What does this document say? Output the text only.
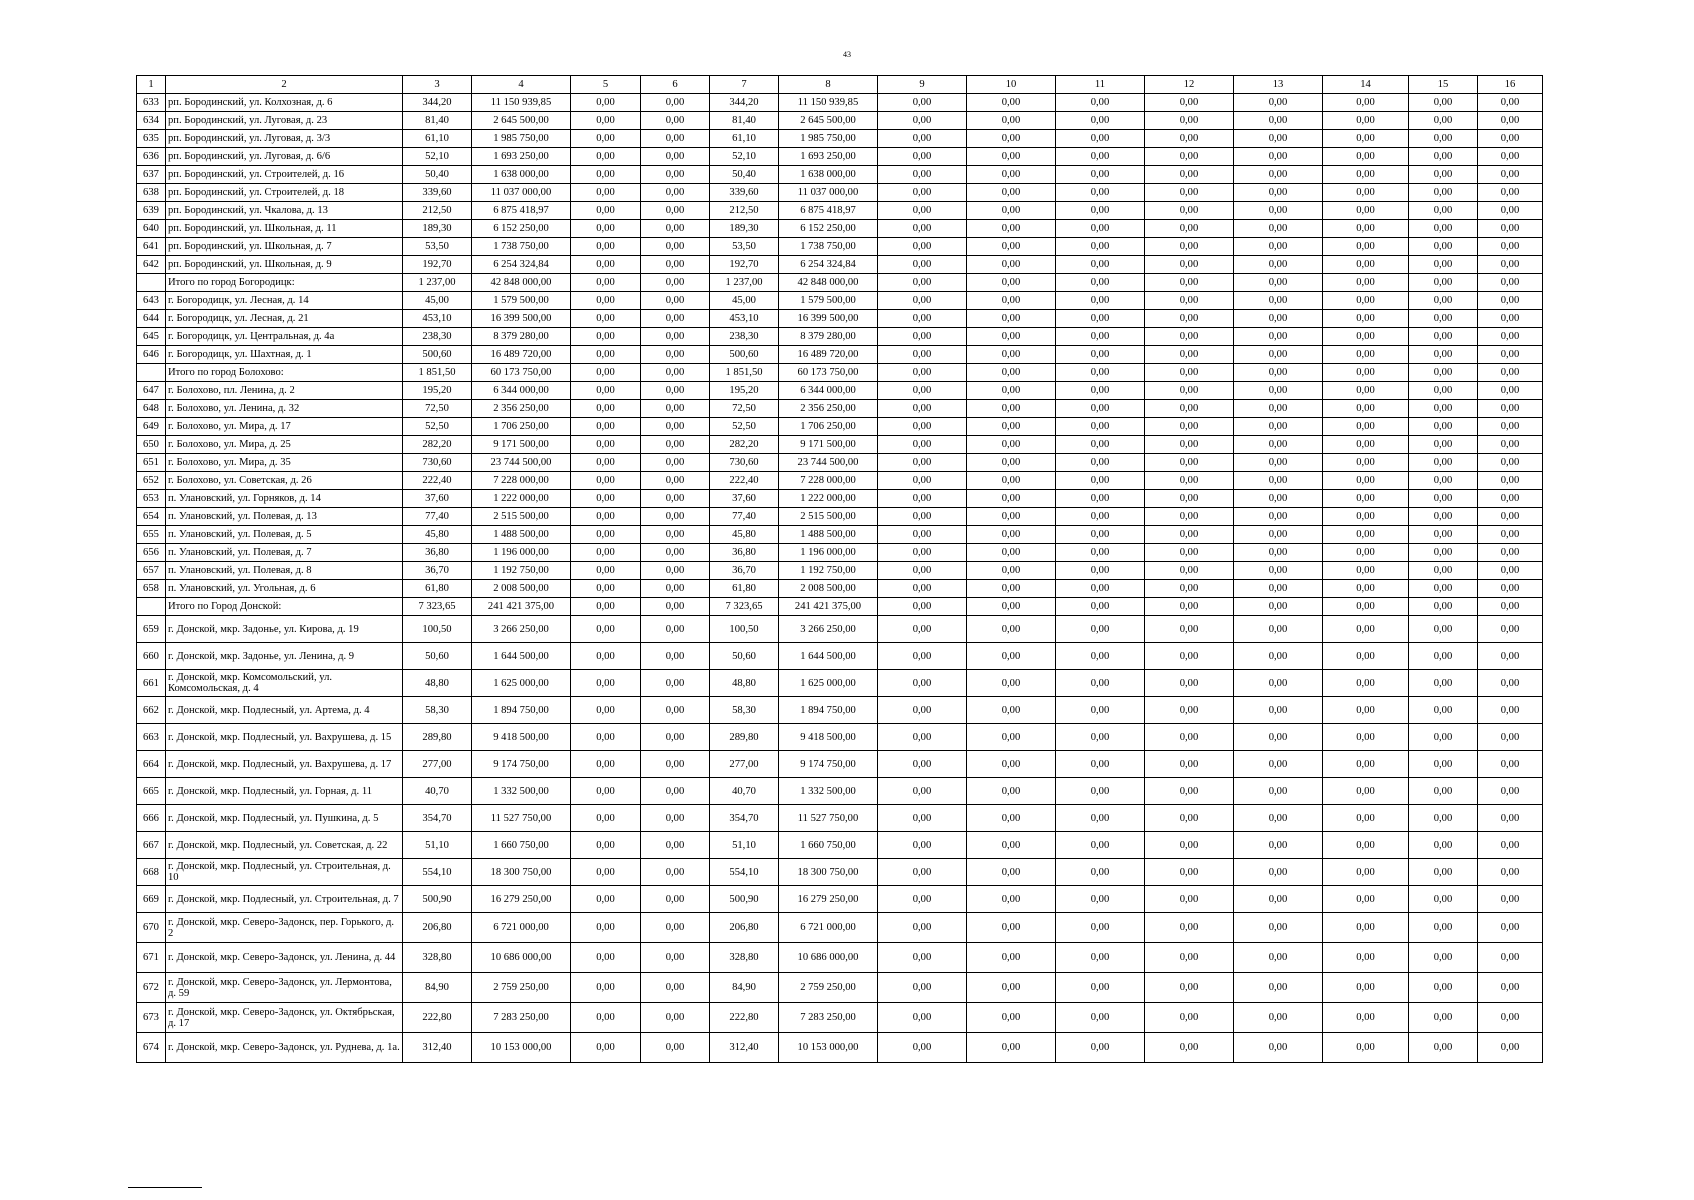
43
1	2	3	4	5	6	7	8	9	10	11	12	13	14	15	16
633	рп. Бородинский, ул. Колхозная, д. 6	344,20	11 150 939,85	0,00	0,00	344,20	11 150 939,85	0,00	0,00	0,00	0,00	0,00	0,00	0,00	0,00
634	рп. Бородинский, ул. Луговая, д. 23	81,40	2 645 500,00	0,00	0,00	81,40	2 645 500,00	0,00	0,00	0,00	0,00	0,00	0,00	0,00	0,00
635	рп. Бородинский, ул. Луговая, д. 3/3	61,10	1 985 750,00	0,00	0,00	61,10	1 985 750,00	0,00	0,00	0,00	0,00	0,00	0,00	0,00	0,00
636	рп. Бородинский, ул. Луговая, д. 6/6	52,10	1 693 250,00	0,00	0,00	52,10	1 693 250,00	0,00	0,00	0,00	0,00	0,00	0,00	0,00	0,00
637	рп. Бородинский, ул. Строителей, д. 16	50,40	1 638 000,00	0,00	0,00	50,40	1 638 000,00	0,00	0,00	0,00	0,00	0,00	0,00	0,00	0,00
638	рп. Бородинский, ул. Строителей, д. 18	339,60	11 037 000,00	0,00	0,00	339,60	11 037 000,00	0,00	0,00	0,00	0,00	0,00	0,00	0,00	0,00
639	рп. Бородинский, ул. Чкалова, д. 13	212,50	6 875 418,97	0,00	0,00	212,50	6 875 418,97	0,00	0,00	0,00	0,00	0,00	0,00	0,00	0,00
640	рп. Бородинский, ул. Школьная, д. 11	189,30	6 152 250,00	0,00	0,00	189,30	6 152 250,00	0,00	0,00	0,00	0,00	0,00	0,00	0,00	0,00
641	рп. Бородинский, ул. Школьная, д. 7	53,50	1 738 750,00	0,00	0,00	53,50	1 738 750,00	0,00	0,00	0,00	0,00	0,00	0,00	0,00	0,00
642	рп. Бородинский, ул. Школьная, д. 9	192,70	6 254 324,84	0,00	0,00	192,70	6 254 324,84	0,00	0,00	0,00	0,00	0,00	0,00	0,00	0,00
	Итого по город Богородицк:	1 237,00	42 848 000,00	0,00	0,00	1 237,00	42 848 000,00	0,00	0,00	0,00	0,00	0,00	0,00	0,00	0,00
643	г. Богородицк, ул. Лесная, д. 14	45,00	1 579 500,00	0,00	0,00	45,00	1 579 500,00	0,00	0,00	0,00	0,00	0,00	0,00	0,00	0,00
644	г. Богородицк, ул. Лесная, д. 21	453,10	16 399 500,00	0,00	0,00	453,10	16 399 500,00	0,00	0,00	0,00	0,00	0,00	0,00	0,00	0,00
645	г. Богородицк, ул. Центральная, д. 4а	238,30	8 379 280,00	0,00	0,00	238,30	8 379 280,00	0,00	0,00	0,00	0,00	0,00	0,00	0,00	0,00
646	г. Богородицк, ул. Шахтная, д. 1	500,60	16 489 720,00	0,00	0,00	500,60	16 489 720,00	0,00	0,00	0,00	0,00	0,00	0,00	0,00	0,00
	Итого по город Болохово:	1 851,50	60 173 750,00	0,00	0,00	1 851,50	60 173 750,00	0,00	0,00	0,00	0,00	0,00	0,00	0,00	0,00
647	г. Болохово, пл. Ленина, д. 2	195,20	6 344 000,00	0,00	0,00	195,20	6 344 000,00	0,00	0,00	0,00	0,00	0,00	0,00	0,00	0,00
648	г. Болохово, ул. Ленина, д. 32	72,50	2 356 250,00	0,00	0,00	72,50	2 356 250,00	0,00	0,00	0,00	0,00	0,00	0,00	0,00	0,00
649	г. Болохово, ул. Мира, д. 17	52,50	1 706 250,00	0,00	0,00	52,50	1 706 250,00	0,00	0,00	0,00	0,00	0,00	0,00	0,00	0,00
650	г. Болохово, ул. Мира, д. 25	282,20	9 171 500,00	0,00	0,00	282,20	9 171 500,00	0,00	0,00	0,00	0,00	0,00	0,00	0,00	0,00
651	г. Болохово, ул. Мира, д. 35	730,60	23 744 500,00	0,00	0,00	730,60	23 744 500,00	0,00	0,00	0,00	0,00	0,00	0,00	0,00	0,00
652	г. Болохово, ул. Советская, д. 26	222,40	7 228 000,00	0,00	0,00	222,40	7 228 000,00	0,00	0,00	0,00	0,00	0,00	0,00	0,00	0,00
653	п. Улановский, ул. Горняков, д. 14	37,60	1 222 000,00	0,00	0,00	37,60	1 222 000,00	0,00	0,00	0,00	0,00	0,00	0,00	0,00	0,00
654	п. Улановский, ул. Полевая, д. 13	77,40	2 515 500,00	0,00	0,00	77,40	2 515 500,00	0,00	0,00	0,00	0,00	0,00	0,00	0,00	0,00
655	п. Улановский, ул. Полевая, д. 5	45,80	1 488 500,00	0,00	0,00	45,80	1 488 500,00	0,00	0,00	0,00	0,00	0,00	0,00	0,00	0,00
656	п. Улановский, ул. Полевая, д. 7	36,80	1 196 000,00	0,00	0,00	36,80	1 196 000,00	0,00	0,00	0,00	0,00	0,00	0,00	0,00	0,00
657	п. Улановский, ул. Полевая, д. 8	36,70	1 192 750,00	0,00	0,00	36,70	1 192 750,00	0,00	0,00	0,00	0,00	0,00	0,00	0,00	0,00
658	п. Улановский, ул. Угольная, д. 6	61,80	2 008 500,00	0,00	0,00	61,80	2 008 500,00	0,00	0,00	0,00	0,00	0,00	0,00	0,00	0,00
	Итого по Город Донской:	7 323,65	241 421 375,00	0,00	0,00	7 323,65	241 421 375,00	0,00	0,00	0,00	0,00	0,00	0,00	0,00	0,00
659	г. Донской, мкр. Задонье, ул. Кирова, д. 19	100,50	3 266 250,00	0,00	0,00	100,50	3 266 250,00	0,00	0,00	0,00	0,00	0,00	0,00	0,00	0,00
660	г. Донской, мкр. Задонье, ул. Ленина, д. 9	50,60	1 644 500,00	0,00	0,00	50,60	1 644 500,00	0,00	0,00	0,00	0,00	0,00	0,00	0,00	0,00
661	г. Донской, мкр. Комсомольский, ул. Комсомольская, д. 4	48,80	1 625 000,00	0,00	0,00	48,80	1 625 000,00	0,00	0,00	0,00	0,00	0,00	0,00	0,00	0,00
662	г. Донской, мкр. Подлесный, ул. Артема, д. 4	58,30	1 894 750,00	0,00	0,00	58,30	1 894 750,00	0,00	0,00	0,00	0,00	0,00	0,00	0,00	0,00
663	г. Донской, мкр. Подлесный, ул. Вахрушева, д. 15	289,80	9 418 500,00	0,00	0,00	289,80	9 418 500,00	0,00	0,00	0,00	0,00	0,00	0,00	0,00	0,00
664	г. Донской, мкр. Подлесный, ул. Вахрушева, д. 17	277,00	9 174 750,00	0,00	0,00	277,00	9 174 750,00	0,00	0,00	0,00	0,00	0,00	0,00	0,00	0,00
665	г. Донской, мкр. Подлесный, ул. Горная, д. 11	40,70	1 332 500,00	0,00	0,00	40,70	1 332 500,00	0,00	0,00	0,00	0,00	0,00	0,00	0,00	0,00
666	г. Донской, мкр. Подлесный, ул. Пушкина, д. 5	354,70	11 527 750,00	0,00	0,00	354,70	11 527 750,00	0,00	0,00	0,00	0,00	0,00	0,00	0,00	0,00
667	г. Донской, мкр. Подлесный, ул. Советская, д. 22	51,10	1 660 750,00	0,00	0,00	51,10	1 660 750,00	0,00	0,00	0,00	0,00	0,00	0,00	0,00	0,00
668	г. Донской, мкр. Подлесный, ул. Строительная, д. 10	554,10	18 300 750,00	0,00	0,00	554,10	18 300 750,00	0,00	0,00	0,00	0,00	0,00	0,00	0,00	0,00
669	г. Донской, мкр. Подлесный, ул. Строительная, д. 7	500,90	16 279 250,00	0,00	0,00	500,90	16 279 250,00	0,00	0,00	0,00	0,00	0,00	0,00	0,00	0,00
670	г. Донской, мкр. Северо-Задонск, пер. Горького, д. 2	206,80	6 721 000,00	0,00	0,00	206,80	6 721 000,00	0,00	0,00	0,00	0,00	0,00	0,00	0,00	0,00
671	г. Донской, мкр. Северо-Задонск, ул. Ленина, д. 44	328,80	10 686 000,00	0,00	0,00	328,80	10 686 000,00	0,00	0,00	0,00	0,00	0,00	0,00	0,00	0,00
672	г. Донской, мкр. Северо-Задонск, ул. Лермонтова, д. 59	84,90	2 759 250,00	0,00	0,00	84,90	2 759 250,00	0,00	0,00	0,00	0,00	0,00	0,00	0,00	0,00
673	г. Донской, мкр. Северо-Задонск, ул. Октябрьская, д. 17	222,80	7 283 250,00	0,00	0,00	222,80	7 283 250,00	0,00	0,00	0,00	0,00	0,00	0,00	0,00	0,00
674	г. Донской, мкр. Северо-Задонск, ул. Руднева, д. 1а.	312,40	10 153 000,00	0,00	0,00	312,40	10 153 000,00	0,00	0,00	0,00	0,00	0,00	0,00	0,00	0,00
